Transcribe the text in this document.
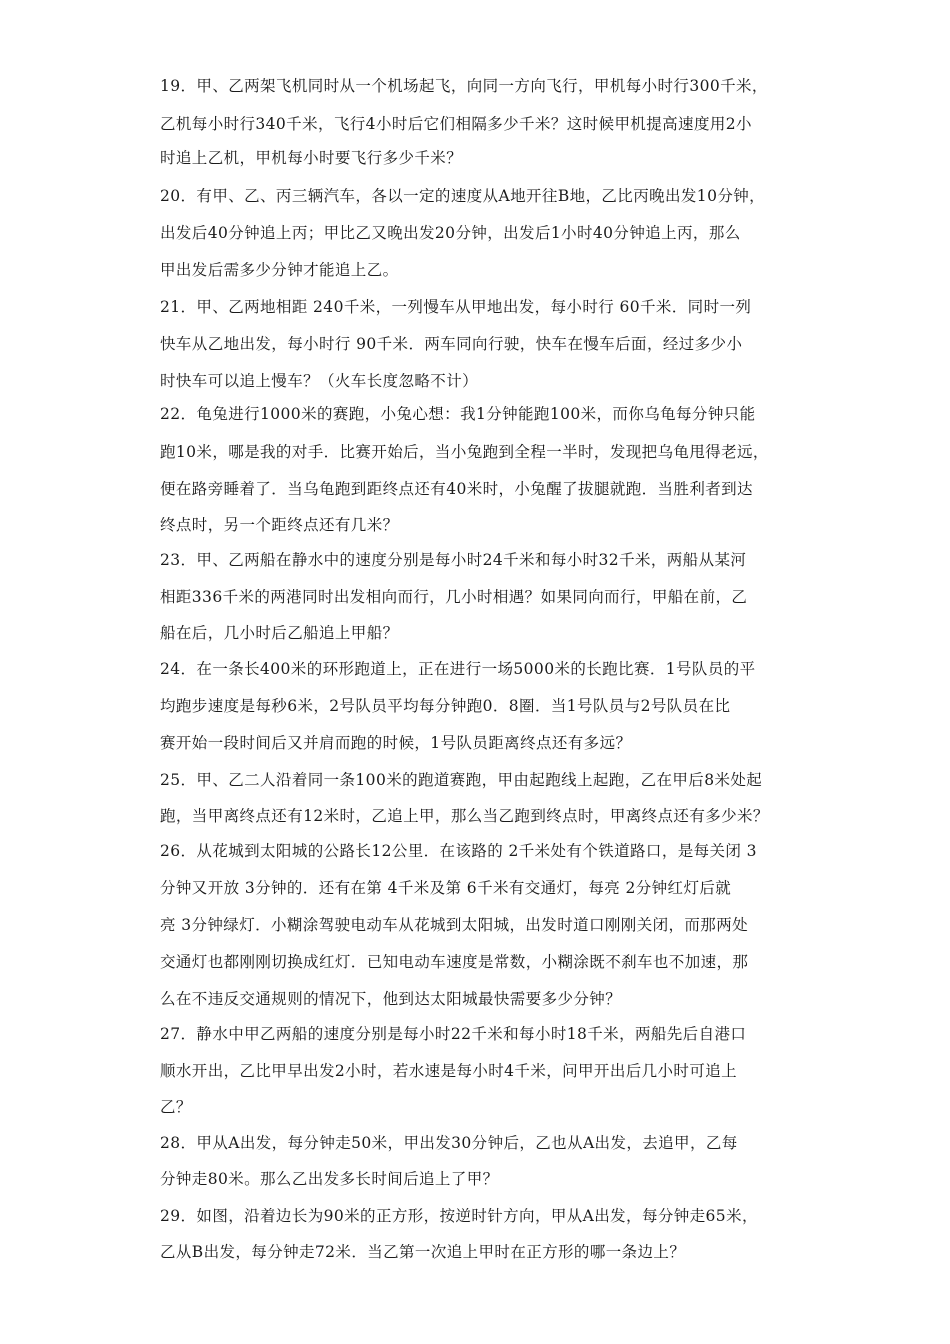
19．甲、乙两架飞机同时从一个机场起飞，向同一方向飞行，甲机每小时行300千米，
乙机每小时行340千米，飞行4小时后它们相隔多少千米？这时候甲机提高速度用2小
时追上乙机，甲机每小时要飞行多少千米？
20．有甲、乙、丙三辆汽车，各以一定的速度从A地开往B地，乙比丙晚出发10分钟，
出发后40分钟追上丙；甲比乙又晚出发20分钟，出发后1小时40分钟追上丙，那么
甲出发后需多少分钟才能追上乙。
21．甲、乙两地相距 240千米，一列慢车从甲地出发，每小时行 60千米．同时一列
快车从乙地出发，每小时行 90千米．两车同向行驶，快车在慢车后面，经过多少小
时快车可以追上慢车？（火车长度忽略不计）
22．龟兔进行1000米的赛跑，小兔心想：我1分钟能跑100米，而你乌龟每分钟只能
跑10米，哪是我的对手．比赛开始后，当小兔跑到全程一半时，发现把乌龟甩得老远，
便在路旁睡着了．当乌龟跑到距终点还有40米时，小兔醒了拔腿就跑．当胜利者到达
终点时，另一个距终点还有几米？
23．甲、乙两船在静水中的速度分别是每小时24千米和每小时32千米，两船从某河
相距336千米的两港同时出发相向而行，几小时相遇？如果同向而行，甲船在前，乙
船在后，几小时后乙船追上甲船？
24．在一条长400米的环形跑道上，正在进行一场5000米的长跑比赛．1号队员的平
均跑步速度是每秒6米，2号队员平均每分钟跑0．8圈．当1号队员与2号队员在比
赛开始一段时间后又并肩而跑的时候，1号队员距离终点还有多远？
25．甲、乙二人沿着同一条100米的跑道赛跑，甲由起跑线上起跑，乙在甲后8米处起
跑，当甲离终点还有12米时，乙追上甲，那么当乙跑到终点时，甲离终点还有多少米？
26．从花城到太阳城的公路长12公里．在该路的 2千米处有个铁道路口，是每关闭 3
分钟又开放 3分钟的．还有在第 4千米及第 6千米有交通灯，每亮 2分钟红灯后就
亮 3分钟绿灯．小糊涂驾驶电动车从花城到太阳城，出发时道口刚刚关闭，而那两处
交通灯也都刚刚切换成红灯．已知电动车速度是常数，小糊涂既不刹车也不加速，那
么在不违反交通规则的情况下，他到达太阳城最快需要多少分钟？
27．静水中甲乙两船的速度分别是每小时22千米和每小时18千米，两船先后自港口
顺水开出，乙比甲早出发2小时，若水速是每小时4千米，问甲开出后几小时可追上
乙？
28．甲从A出发，每分钟走50米，甲出发30分钟后，乙也从A出发，去追甲，乙每
分钟走80米。那么乙出发多长时间后追上了甲？
29．如图，沿着边长为90米的正方形，按逆时针方向，甲从A出发，每分钟走65米，
乙从B出发，每分钟走72米．当乙第一次追上甲时在正方形的哪一条边上？
